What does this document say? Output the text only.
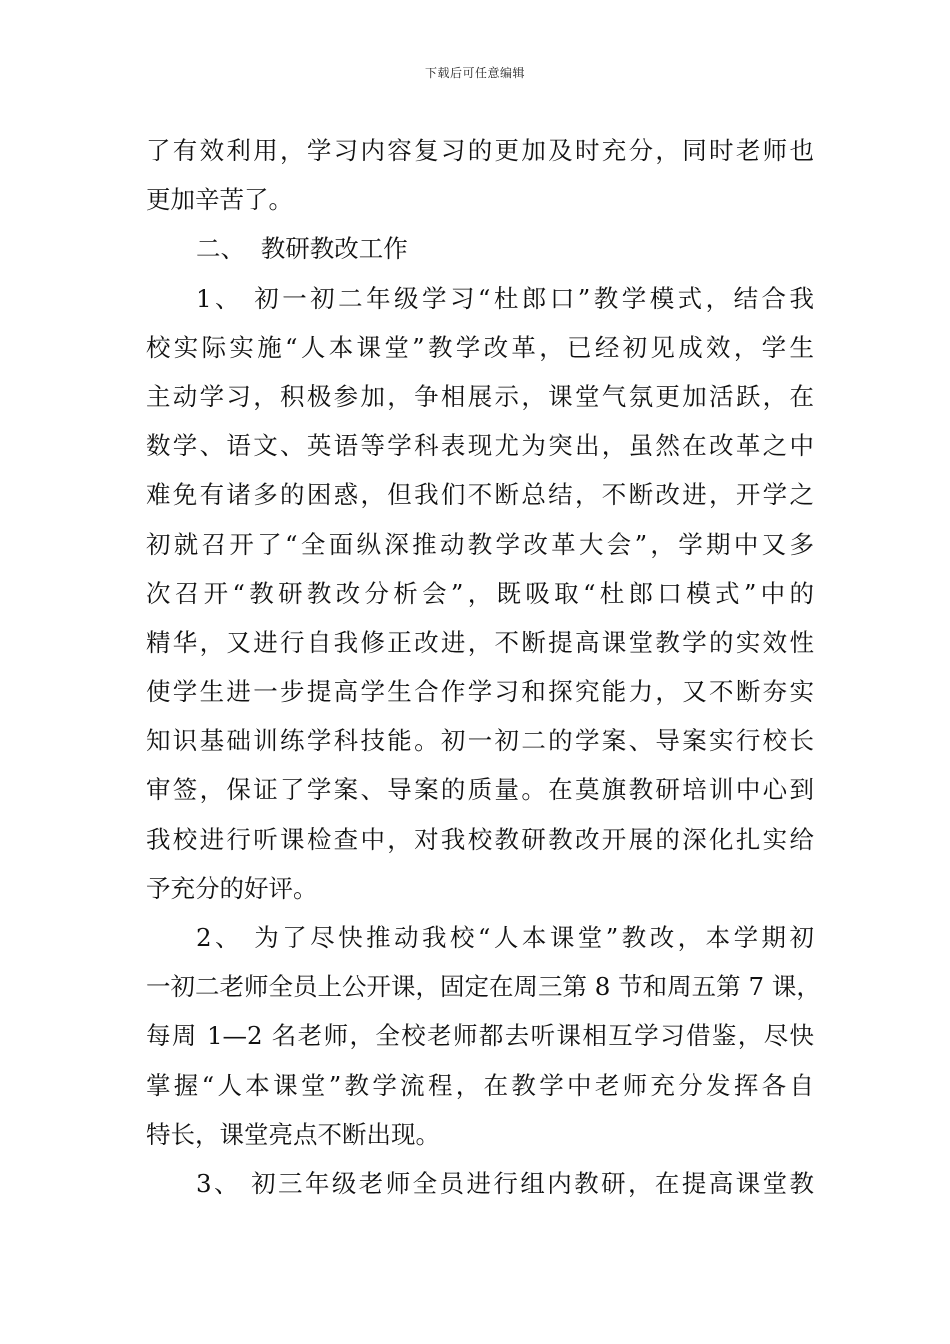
下载后可任意编辑
了有效利用，学习内容复习的更加及时充分，同时老师也
更加辛苦了。
二、 教研教改工作
1、 初一初二年级学习“杜郎口”教学模式，结合我
校实际实施“人本课堂”教学改革，已经初见成效，学生
主动学习，积极参加，争相展示，课堂气氛更加活跃，在
数学、语文、英语等学科表现尤为突出，虽然在改革之中
难免有诸多的困惑，但我们不断总结，不断改进，开学之
初就召开了“全面纵深推动教学改革大会”，学期中又多
次召开“教研教改分析会”，既吸取“杜郎口模式”中的
精华，又进行自我修正改进，不断提高课堂教学的实效性
使学生进一步提高学生合作学习和探究能力，又不断夯实
知识基础训练学科技能。初一初二的学案、导案实行校长
审签，保证了学案、导案的质量。在莫旗教研培训中心到
我校进行听课检查中，对我校教研教改开展的深化扎实给
予充分的好评。
2、 为了尽快推动我校“人本课堂”教改，本学期初
一初二老师全员上公开课，固定在周三第 8 节和周五第 7 课，
每周 1—2 名老师，全校老师都去听课相互学习借鉴，尽快
掌握“人本课堂”教学流程，在教学中老师充分发挥各自
特长，课堂亮点不断出现。
3、 初三年级老师全员进行组内教研，在提高课堂教
